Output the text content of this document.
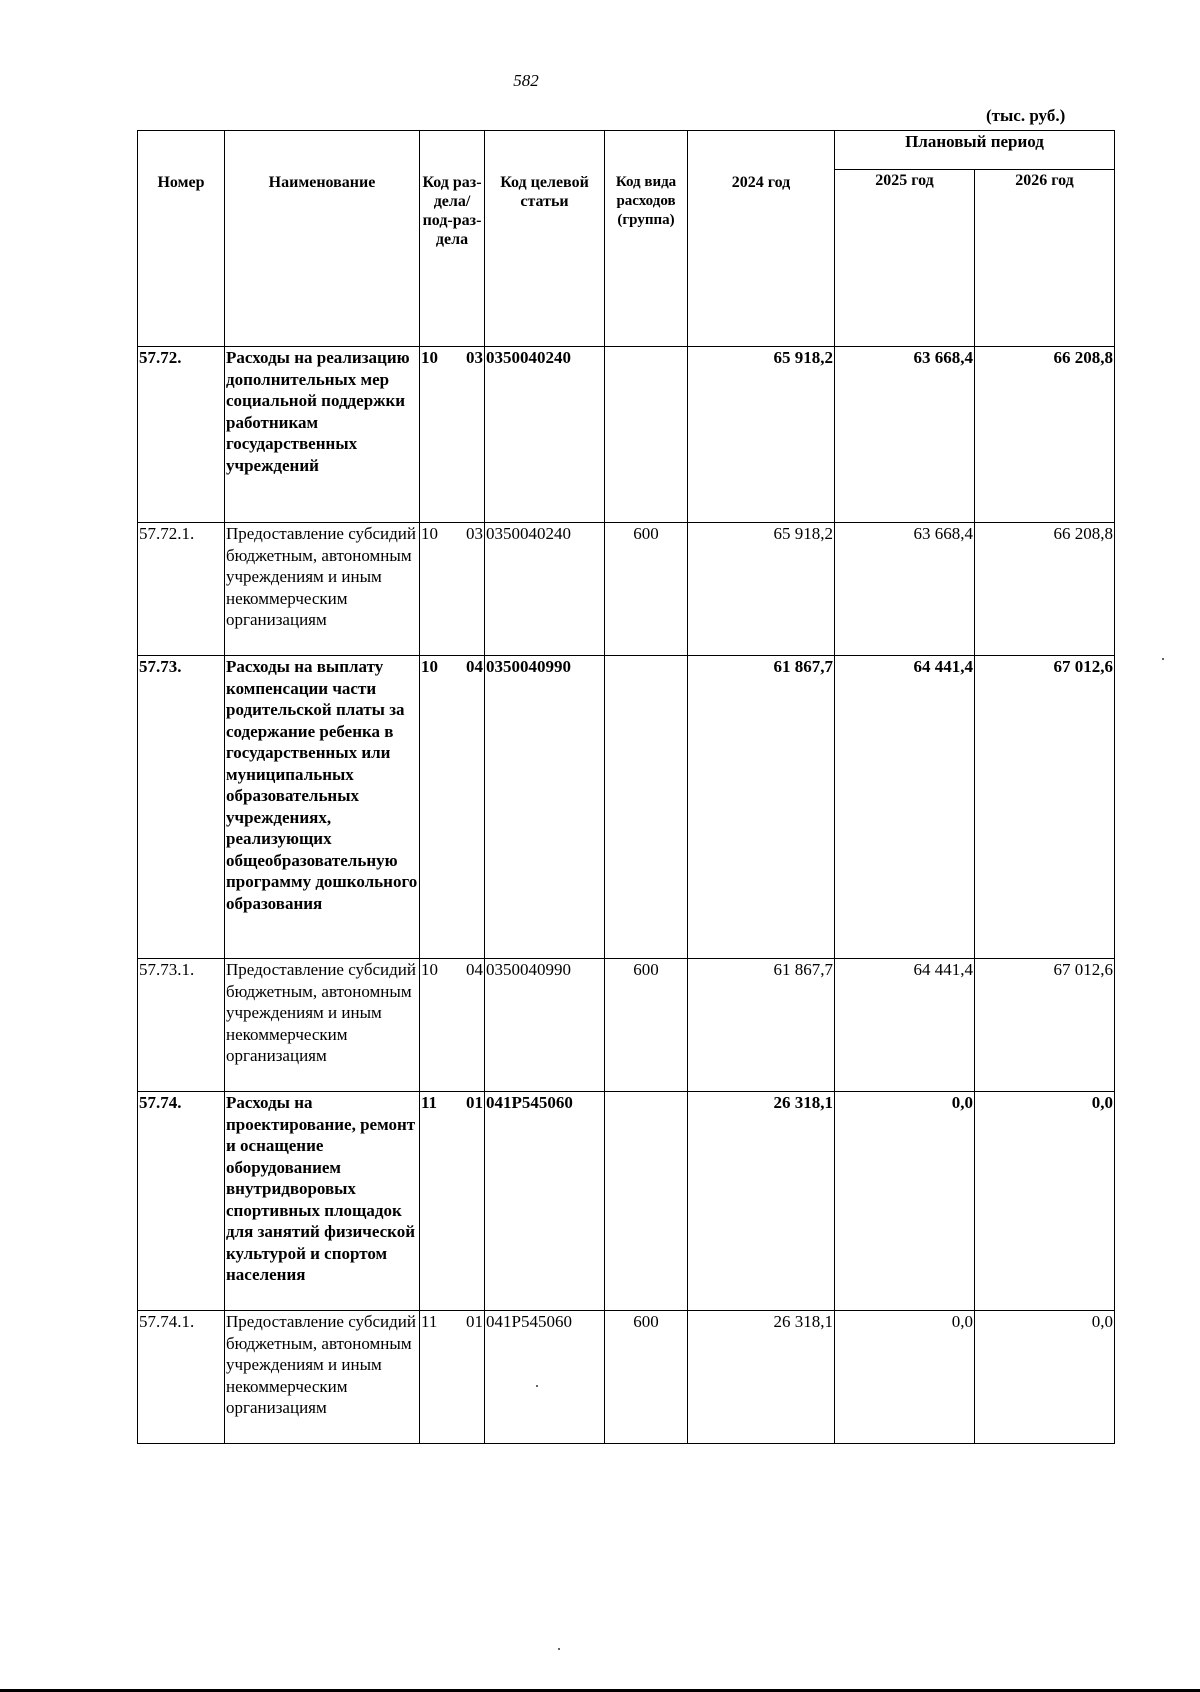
582
(тыс. руб.)
Номер	Наименование	Код раз-дела/ под-раз-дела	Код целевой статьи	Код вида расходов (группа)	2024 год	Плановый период	
						2025 год	2026 год
57.72.	Расходы на реализацию дополнительных мер социальной поддержки работникам государственных учреждений	10 03	0350040240		65 918,2	63 668,4	66 208,8
57.72.1.	Предоставление субсидий бюджетным, автономным учреждениям и иным некоммерческим организациям	10 03	0350040240	600	65 918,2	63 668,4	66 208,8
57.73.	Расходы на выплату компенсации части родительской платы за содержание ребенка в государственных или муниципальных образовательных учреждениях, реализующих общеобразовательную программу дошкольного образования	10 04	0350040990		61 867,7	64 441,4	67 012,6
57.73.1.	Предоставление субсидий бюджетным, автономным учреждениям и иным некоммерческим организациям	10 04	0350040990	600	61 867,7	64 441,4	67 012,6
57.74.	Расходы на проектирование, ремонт и оснащение оборудованием внутридворовых спортивных площадок для занятий физической культурой и спортом населения	11 01	041P545060		26 318,1	0,0	0,0
57.74.1.	Предоставление субсидий бюджетным, автономным учреждениям и иным некоммерческим организациям	11 01	041P545060	600	26 318,1	0,0	0,0
